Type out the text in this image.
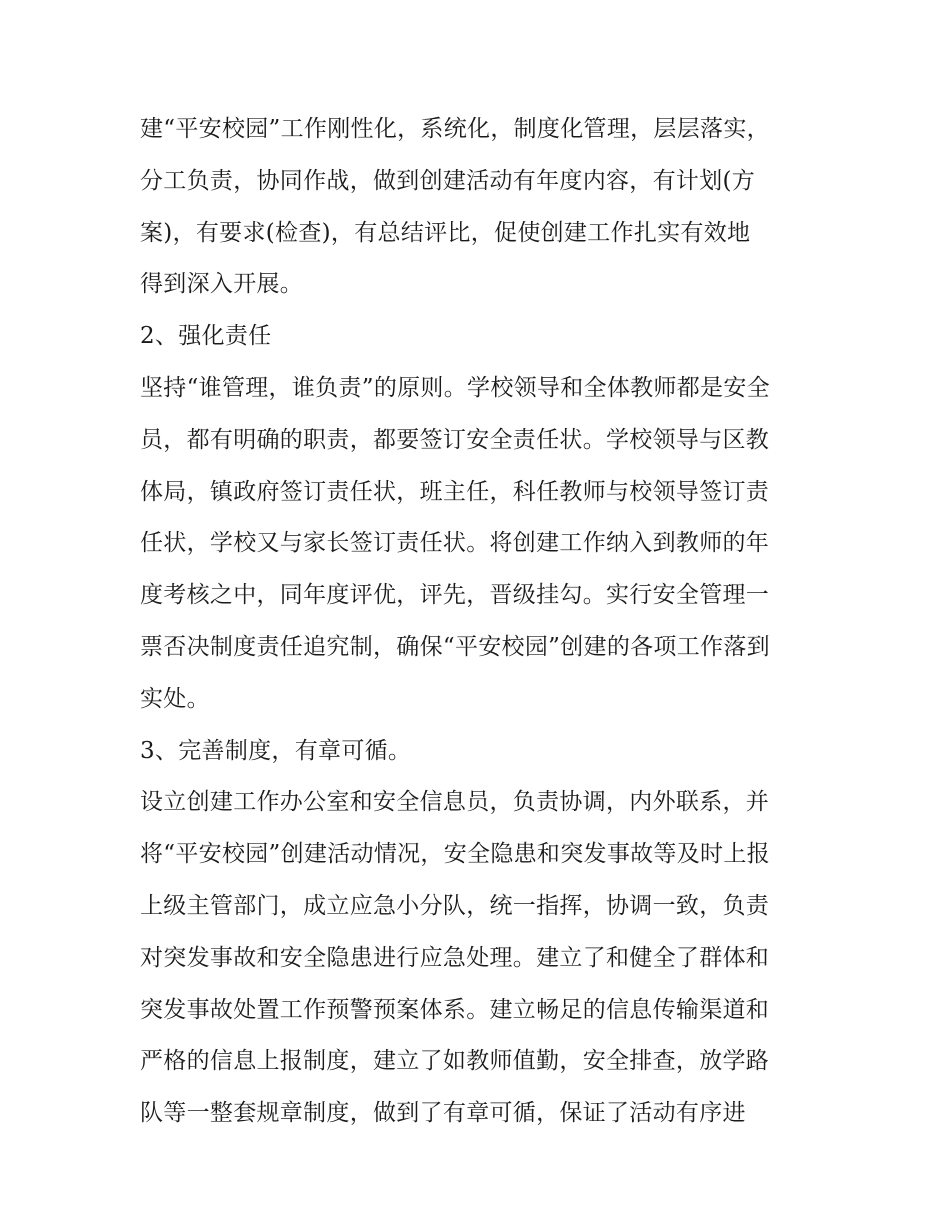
建“平安校园”工作刚性化，系统化，制度化管理，层层落实，
分工负责，协同作战，做到创建活动有年度内容，有计划(方
案)，有要求(检查)，有总结评比，促使创建工作扎实有效地
得到深入开展。
2、强化责任
坚持“谁管理，谁负责”的原则。学校领导和全体教师都是安全
员，都有明确的职责，都要签订安全责任状。学校领导与区教
体局，镇政府签订责任状，班主任，科任教师与校领导签订责
任状，学校又与家长签订责任状。将创建工作纳入到教师的年
度考核之中，同年度评优，评先，晋级挂勾。实行安全管理一
票否决制度责任追究制，确保“平安校园”创建的各项工作落到
实处。
3、完善制度，有章可循。
设立创建工作办公室和安全信息员，负责协调，内外联系，并
将“平安校园”创建活动情况，安全隐患和突发事故等及时上报
上级主管部门，成立应急小分队，统一指挥，协调一致，负责
对突发事故和安全隐患进行应急处理。建立了和健全了群体和
突发事故处置工作预警预案体系。建立畅足的信息传输渠道和
严格的信息上报制度，建立了如教师值勤，安全排查，放学路
队等一整套规章制度，做到了有章可循，保证了活动有序进
